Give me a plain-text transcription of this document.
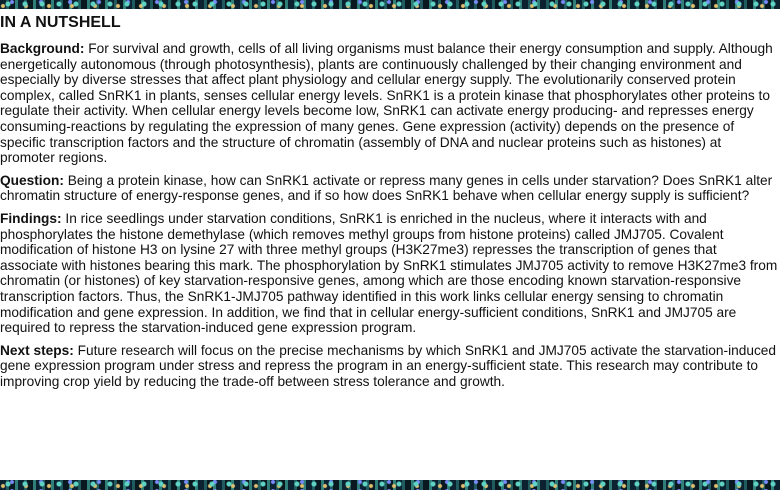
IN A NUTSHELL

Background: For survival and growth, cells of all living organisms must balance their energy consumption and supply. Although energetically autonomous (through photosynthesis), plants are continuously challenged by their changing environment and especially by diverse stresses that affect plant physiology and cellular energy supply. The evolutionarily conserved protein complex, called SnRK1 in plants, senses cellular energy levels. SnRK1 is a protein kinase that phosphorylates other proteins to regulate their activity. When cellular energy levels become low, SnRK1 can activate energy producing- and represses energy consuming-reactions by regulating the expression of many genes. Gene expression (activity) depends on the presence of specific transcription factors and the structure of chromatin (assembly of DNA and nuclear proteins such as histones) at promoter regions.

Question: Being a protein kinase, how can SnRK1 activate or repress many genes in cells under starvation? Does SnRK1 alter chromatin structure of energy-response genes, and if so how does SnRK1 behave when cellular energy supply is sufficient?

Findings: In rice seedlings under starvation conditions, SnRK1 is enriched in the nucleus, where it interacts with and phosphorylates the histone demethylase (which removes methyl groups from histone proteins) called JMJ705. Covalent modification of histone H3 on lysine 27 with three methyl groups (H3K27me3) represses the transcription of genes that associate with histones bearing this mark. The phosphorylation by SnRK1 stimulates JMJ705 activity to remove H3K27me3 from chromatin (or histones) of key starvation-responsive genes, among which are those encoding known starvation-responsive transcription factors. Thus, the SnRK1-JMJ705 pathway identified in this work links cellular energy sensing to chromatin modification and gene expression. In addition, we find that in cellular energy-sufficient conditions, SnRK1 and JMJ705 are required to repress the starvation-induced gene expression program.

Next steps: Future research will focus on the precise mechanisms by which SnRK1 and JMJ705 activate the starvation-induced gene expression program under stress and repress the program in an energy-sufficient state. This research may contribute to improving crop yield by reducing the trade-off between stress tolerance and growth.
